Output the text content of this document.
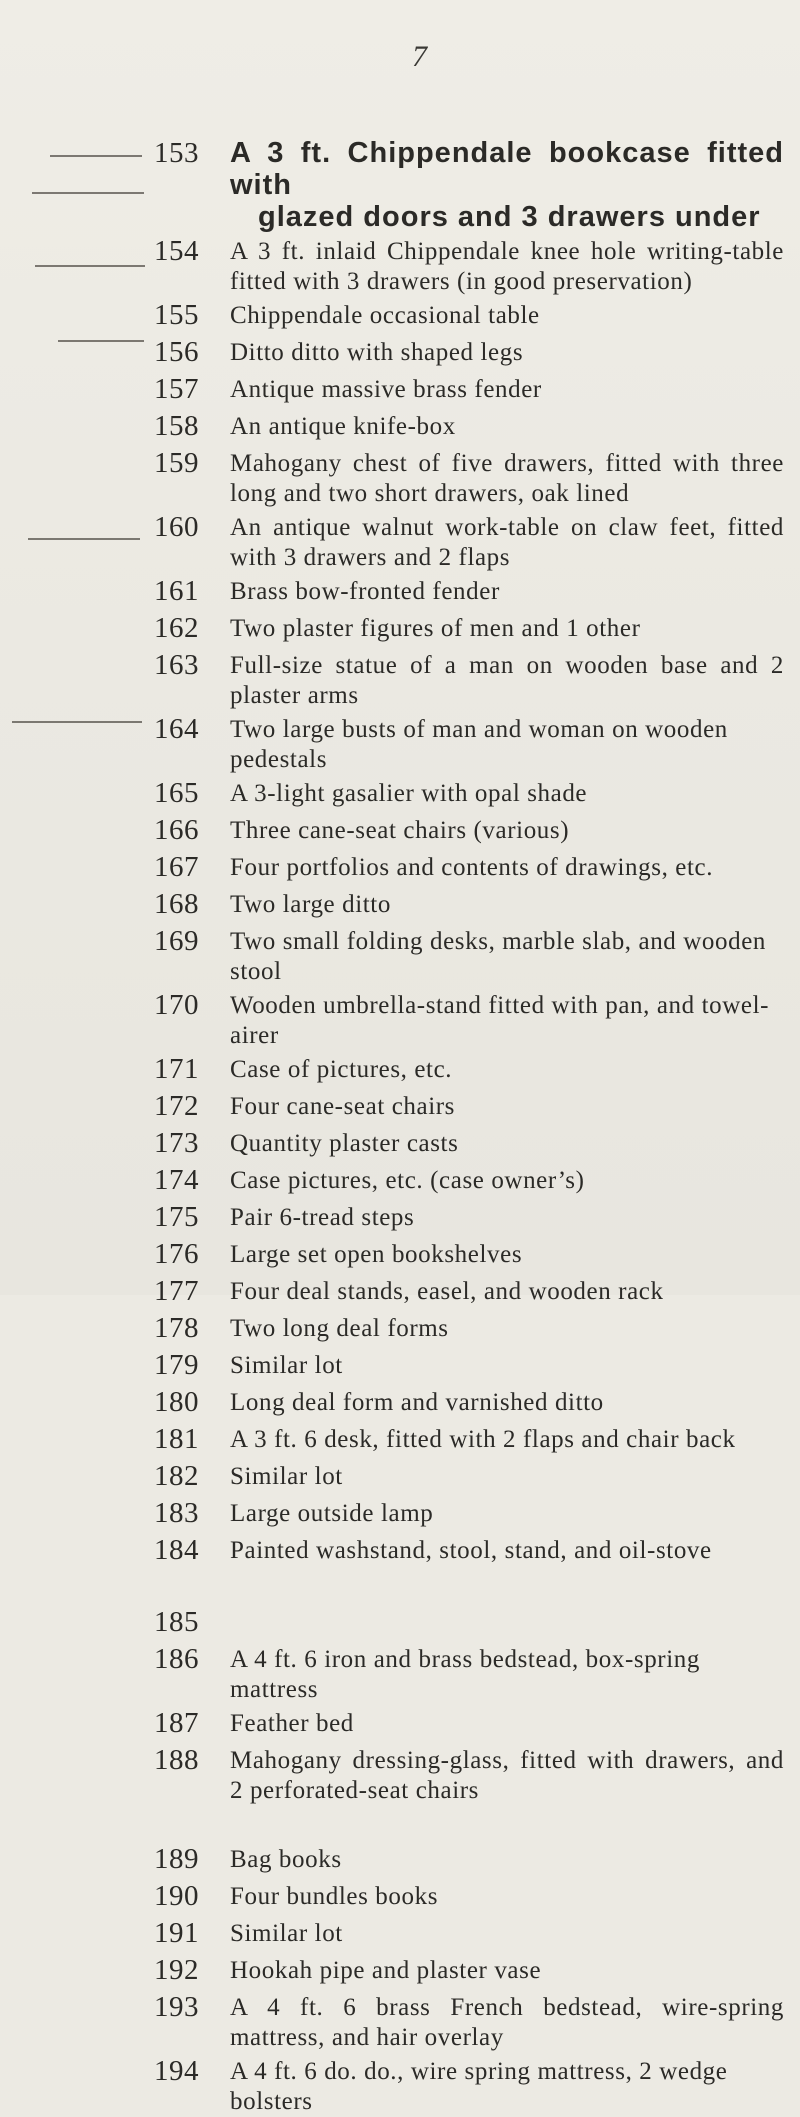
7
153	A 3 ft. Chippendale bookcase fitted with
glazed doors and 3 drawers under
154	A 3 ft. inlaid Chippendale knee hole writing-table fitted with 3 drawers (in good preservation)
155	Chippendale occasional table
156	Ditto ditto with shaped legs
157	Antique massive brass fender
158	An antique knife-box
159	Mahogany chest of five drawers, fitted with three long and two short drawers, oak lined
160	An antique walnut work-table on claw feet, fitted with 3 drawers and 2 flaps
161	Brass bow-fronted fender
162	Two plaster figures of men and 1 other
163	Full-size statue of a man on wooden base and 2 plaster arms
164	Two large busts of man and woman on wooden pedestals
165	A 3-light gasalier with opal shade
166	Three cane-seat chairs (various)
167	Four portfolios and contents of drawings, etc.
168	Two large ditto
169	Two small folding desks, marble slab, and wooden stool
170	Wooden umbrella-stand fitted with pan, and towel-airer
171	Case of pictures, etc.
172	Four cane-seat chairs
173	Quantity plaster casts
174	Case pictures, etc. (case owner’s)
175	Pair 6-tread steps
176	Large set open bookshelves
177	Four deal stands, easel, and wooden rack
178	Two long deal forms
179	Similar lot
180	Long deal form and varnished ditto
181	A 3 ft. 6 desk, fitted with 2 flaps and chair back
182	Similar lot
183	Large outside lamp
184	Painted washstand, stool, stand, and oil-stove
185
186	A 4 ft. 6 iron and brass bedstead, box-spring mattress
187	Feather bed
188	Mahogany dressing-glass, fitted with drawers, and 2 perforated-seat chairs
189	Bag books
190	Four bundles books
191	Similar lot
192	Hookah pipe and plaster vase
193	A 4 ft. 6 brass French bedstead, wire-spring mattress, and hair overlay
194	A 4 ft. 6 do. do., wire spring mattress, 2 wedge bolsters
